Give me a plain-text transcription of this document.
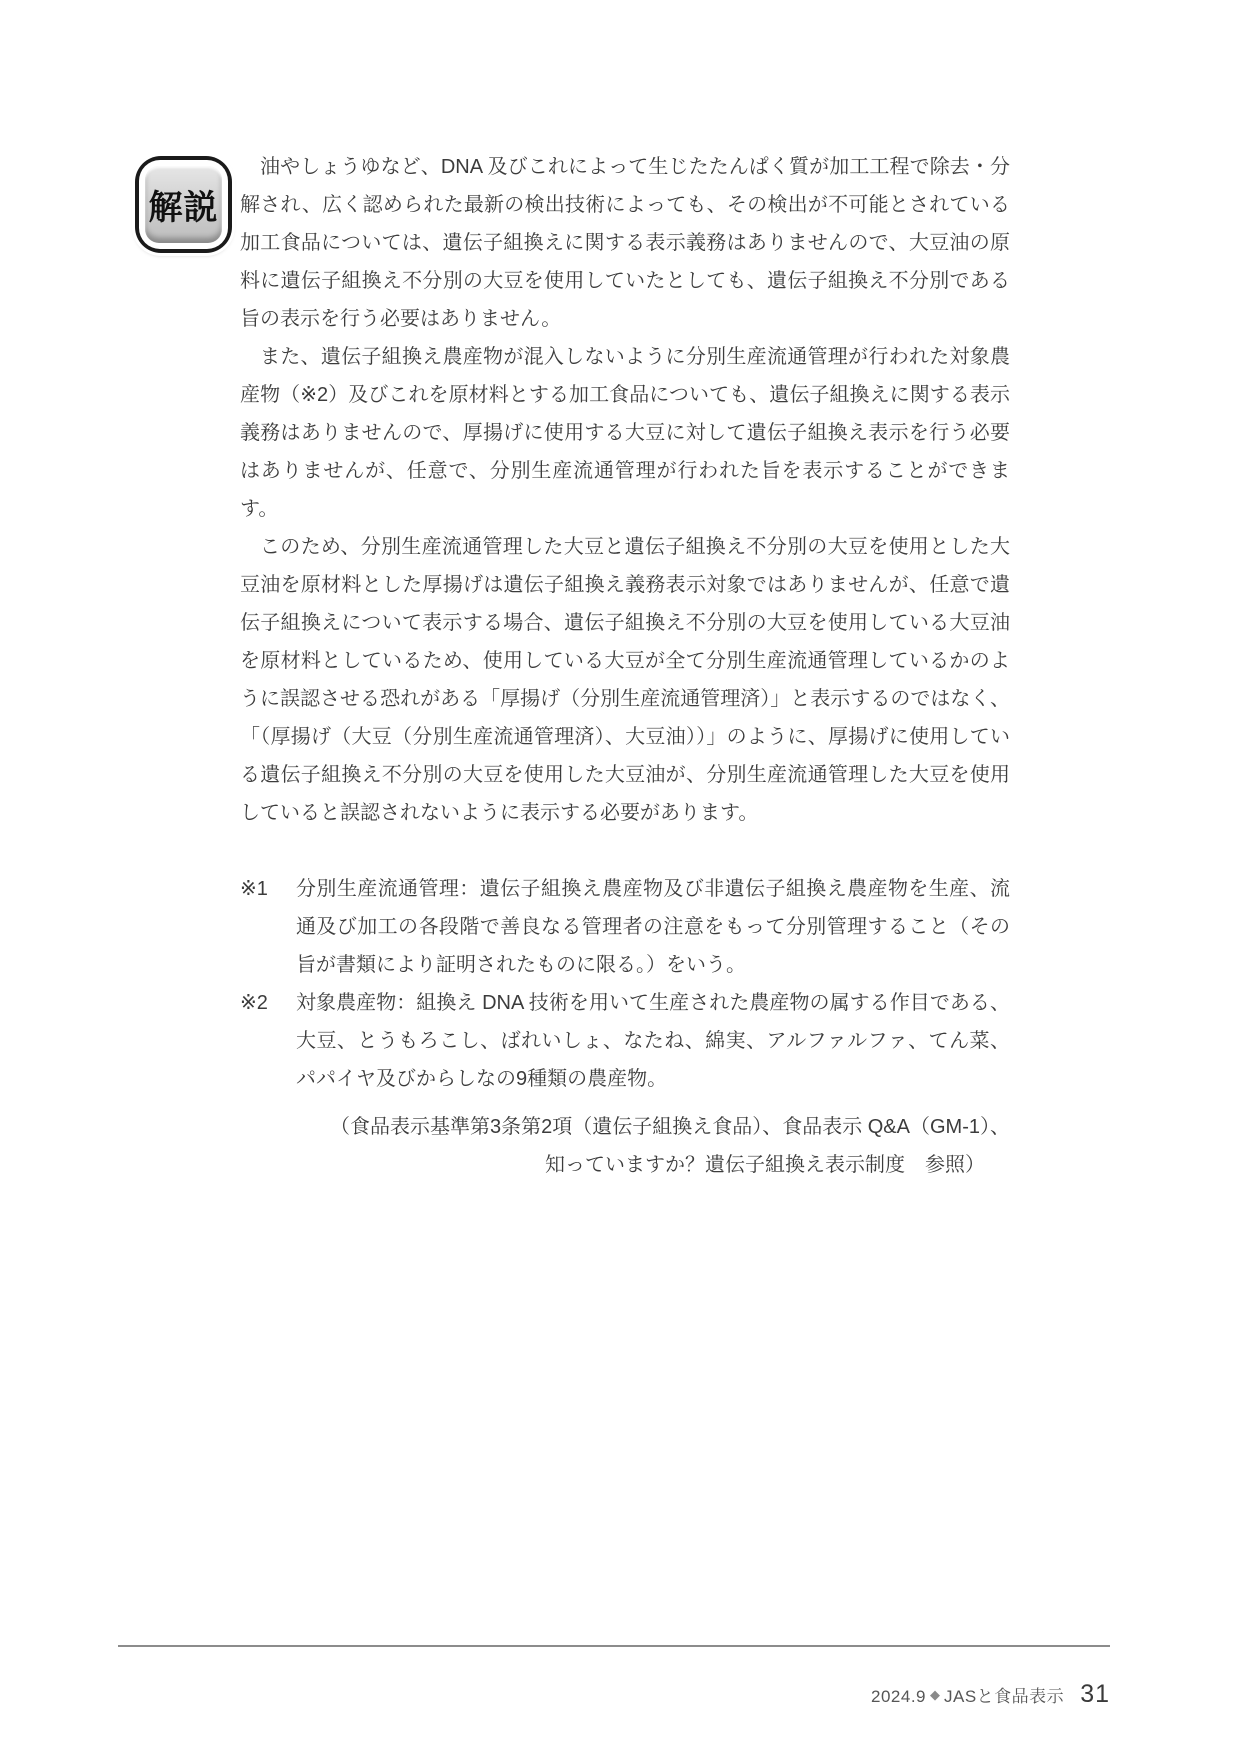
解説

油やしょうゆなど、DNA 及びこれによって生じたたんぱく質が加工工程で除去・分解され、広く認められた最新の検出技術によっても、その検出が不可能とされている加工食品については、遺伝子組換えに関する表示義務はありませんので、大豆油の原料に遺伝子組換え不分別の大豆を使用していたとしても、遺伝子組換え不分別である旨の表示を行う必要はありません。

また、遺伝子組換え農産物が混入しないように分別生産流通管理が行われた対象農産物（※2）及びこれを原材料とする加工食品についても、遺伝子組換えに関する表示義務はありませんので、厚揚げに使用する大豆に対して遺伝子組換え表示を行う必要はありませんが、任意で、分別生産流通管理が行われた旨を表示することができます。

このため、分別生産流通管理した大豆と遺伝子組換え不分別の大豆を使用とした大豆油を原材料とした厚揚げは遺伝子組換え義務表示対象ではありませんが、任意で遺伝子組換えについて表示する場合、遺伝子組換え不分別の大豆を使用している大豆油を原材料としているため、使用している大豆が全て分別生産流通管理しているかのように誤認させる恐れがある「厚揚げ（分別生産流通管理済）」と表示するのではなく、「（厚揚げ（大豆（分別生産流通管理済）、大豆油））」のように、厚揚げに使用している遺伝子組換え不分別の大豆を使用した大豆油が、分別生産流通管理した大豆を使用していると誤認されないように表示する必要があります。

※1	分別生産流通管理：遺伝子組換え農産物及び非遺伝子組換え農産物を生産、流通及び加工の各段階で善良なる管理者の注意をもって分別管理すること（その旨が書類により証明されたものに限る。）をいう。
※2	対象農産物：組換え DNA 技術を用いて生産された農産物の属する作目である、大豆、とうもろこし、ばれいしょ、なたね、綿実、アルファルファ、てん菜、パパイヤ及びからしなの9種類の農産物。
（食品表示基準第3条第2項（遺伝子組換え食品）、食品表示 Q&A（GM-1）、
知っていますか？遺伝子組換え表示制度　参照）
2024.9 ◆ JASと食品表示 31
